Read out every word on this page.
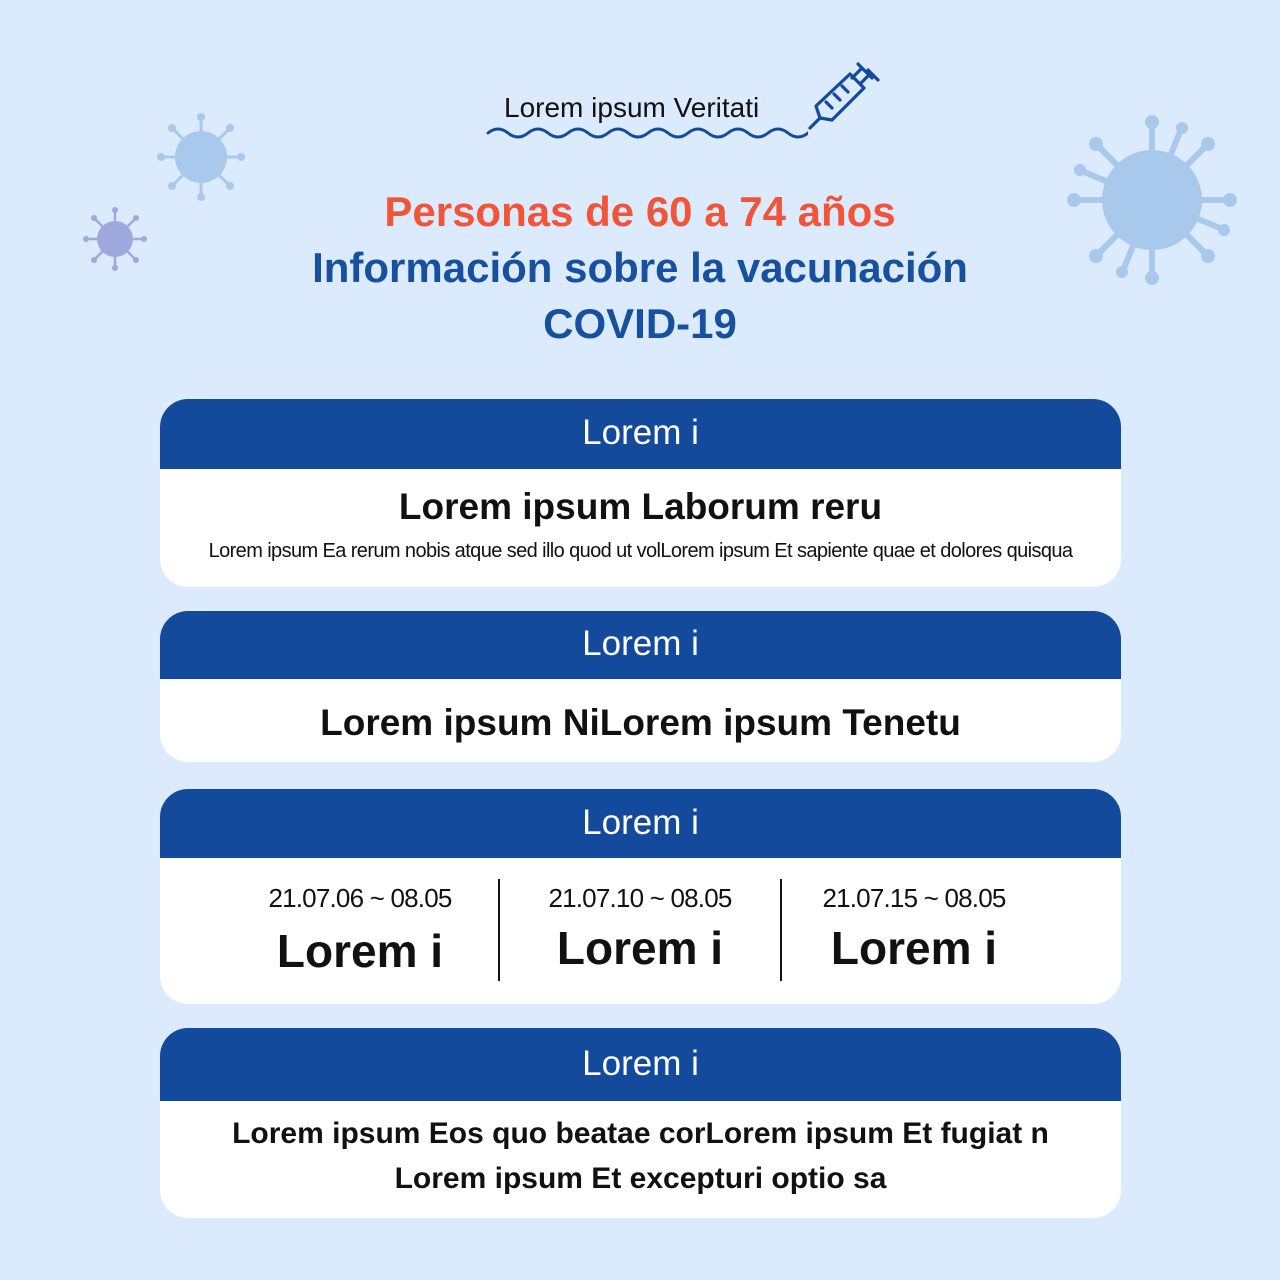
Lorem ipsum Veritati
Personas de 60 a 74 años
Información sobre la vacunación
COVID-19
Lorem i
Lorem ipsum Laborum reru
Lorem ipsum Ea rerum nobis atque sed illo quod ut volLorem ipsum Et sapiente quae et dolores quisqua
Lorem i
Lorem ipsum NiLorem ipsum Tenetu
Lorem i
21.07.06 ~ 08.05
Lorem i
21.07.10 ~ 08.05
Lorem i
21.07.15 ~ 08.05
Lorem i
Lorem i
Lorem ipsum Eos quo beatae corLorem ipsum Et fugiat n
Lorem ipsum Et excepturi optio sa
